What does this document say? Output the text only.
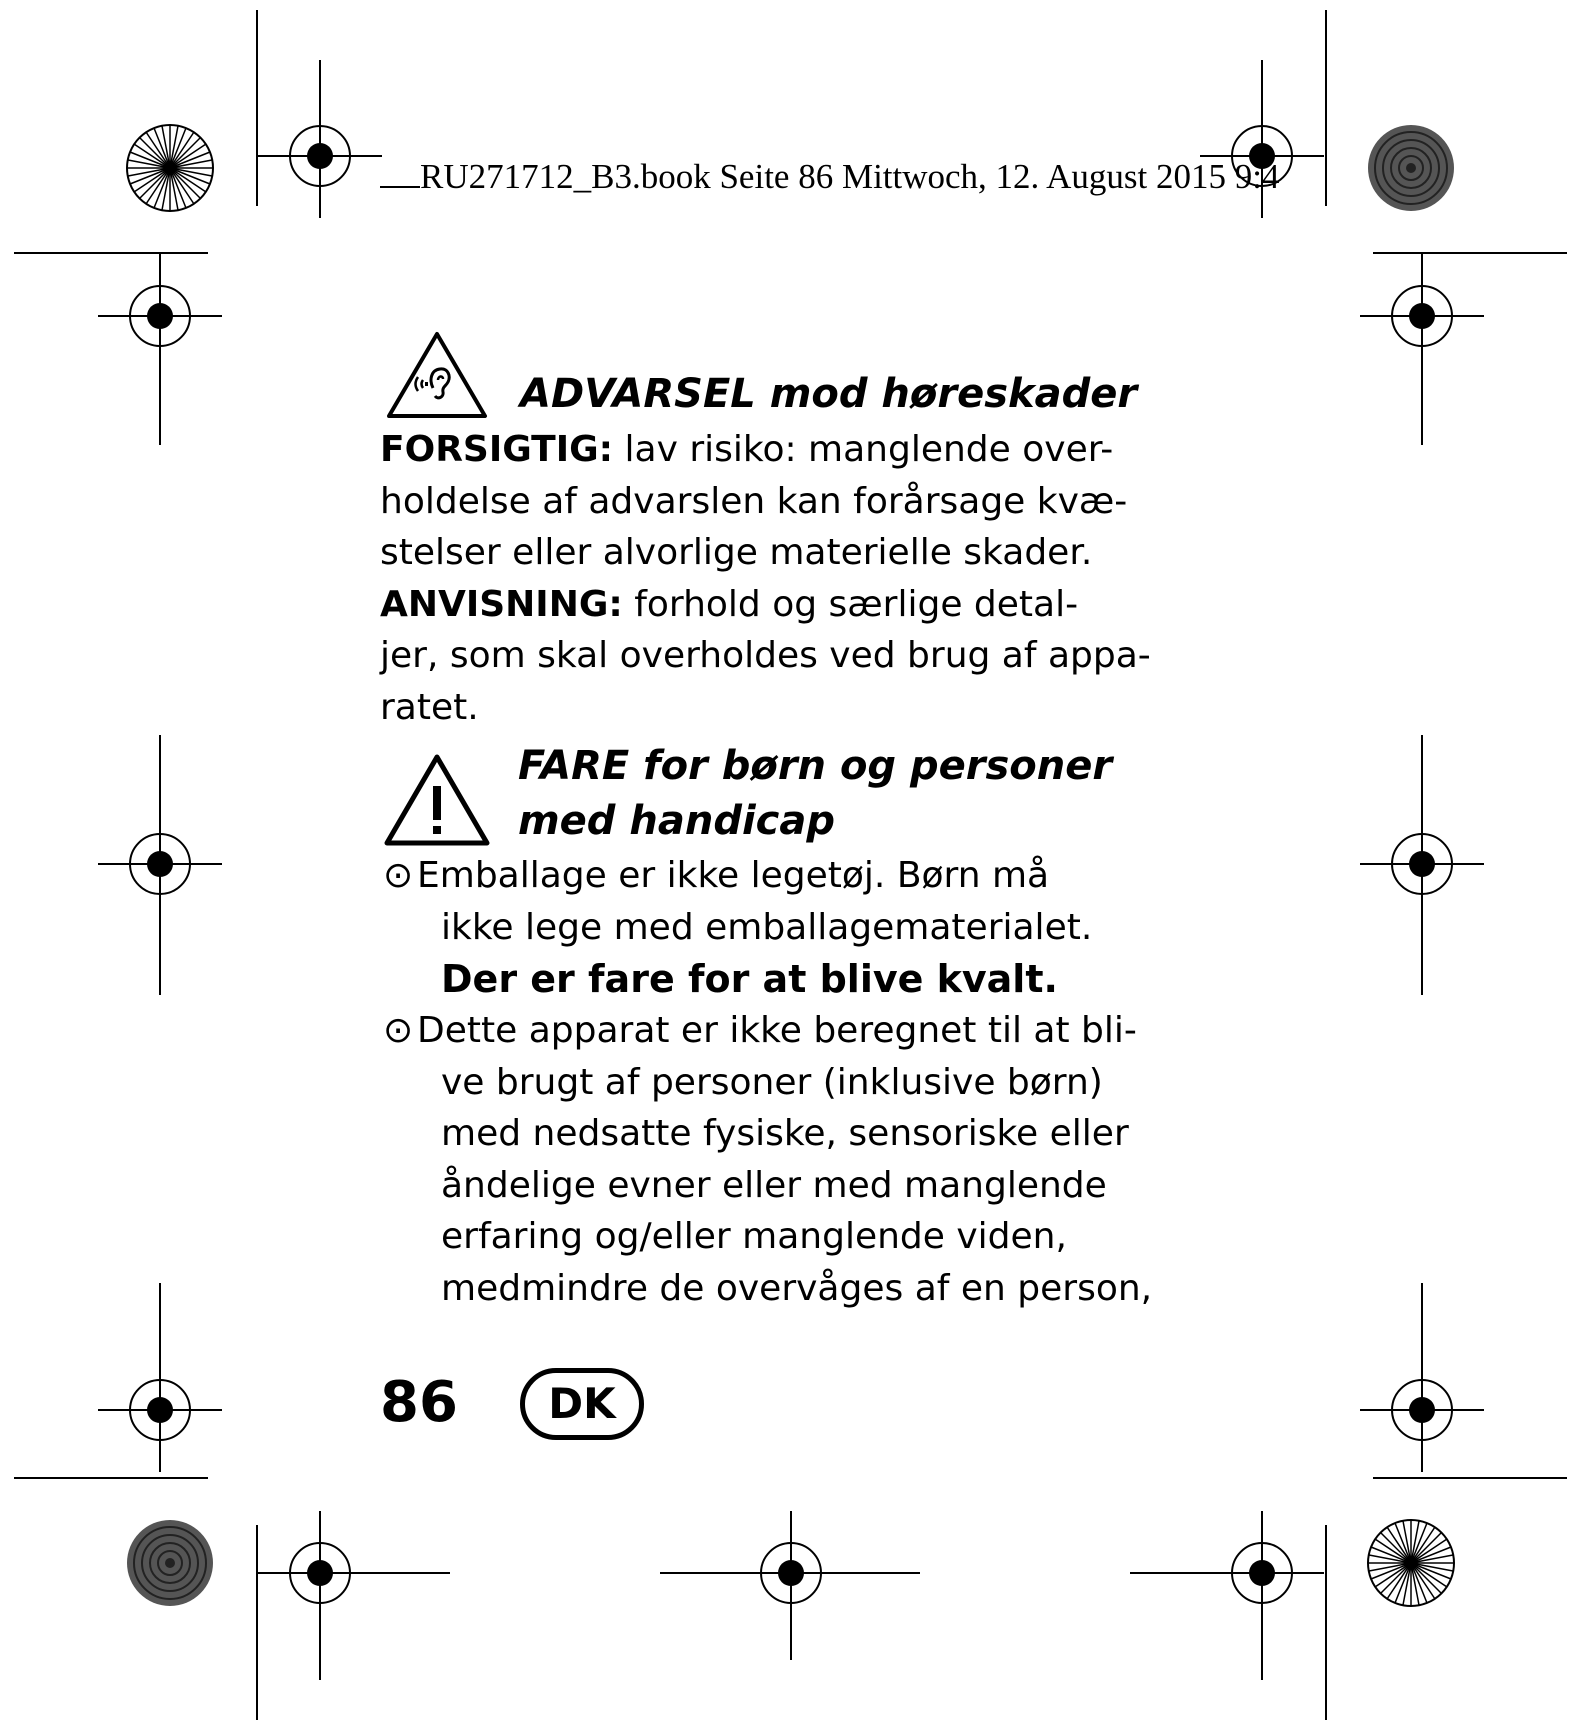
RU271712_B3.book Seite 86 Mittwoch, 12. August 2015 9:4
ADVARSEL mod høreskader
FORSIGTIG: lav risiko: manglende over-
holdelse af advarslen kan forårsage kvæ-
stelser eller alvorlige materielle skader.
ANVISNING: forhold og særlige detal-
jer, som skal overholdes ved brug af appa-
ratet.
FARE for børn og personer
med handicap
⊙ Emballage er ikke legetøj. Børn må
ikke lege med emballagematerialet.
Der er fare for at blive kvalt.
⊙ Dette apparat er ikke beregnet til at bli-
ve brugt af personer (inklusive børn)
med nedsatte fysiske, sensoriske eller
åndelige evner eller med manglende
erfaring og/eller manglende viden,
medmindre de overvåges af en person,
86	DK
